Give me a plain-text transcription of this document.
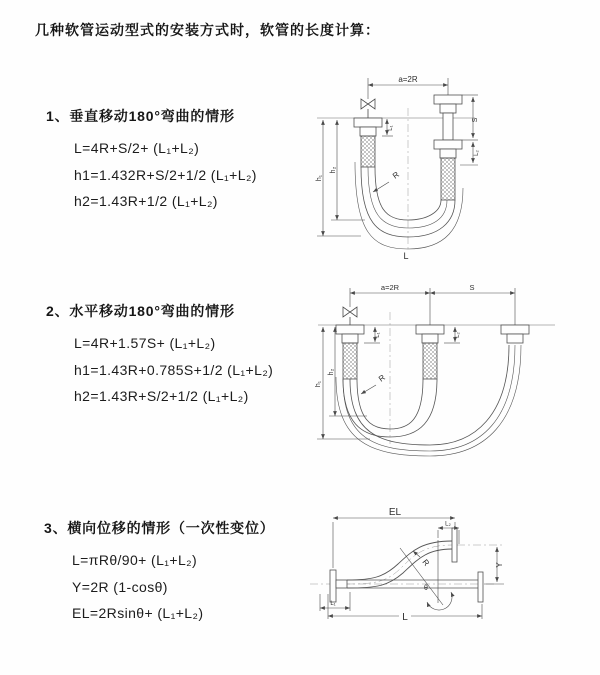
几种软管运动型式的安装方式时，软管的长度计算：
1、垂直移动180°弯曲的情形
L=4R+S/2+ (L₁+L₂)
h1=1.432R+S/2+1/2 (L₁+L₂)
h2=1.43R+1/2 (L₁+L₂)
2、水平移动180°弯曲的情形
L=4R+1.57S+ (L₁+L₂)
h1=1.43R+0.785S+1/2 (L₁+L₂)
h2=1.43R+S/2+1/2 (L₁+L₂)
3、横向位移的情形（一次性变位）
L=πRθ/90+ (L₁+L₂)
Y=2R (1-cosθ)
EL=2Rsinθ+ (L₁+L₂)
a=2R
h₁
h₂
L₁
S
L₂
R
L
a=2R	S
h₁
h₂
L₁	L₂
R
EL
L₂
Y
R
θ
L₁
L
